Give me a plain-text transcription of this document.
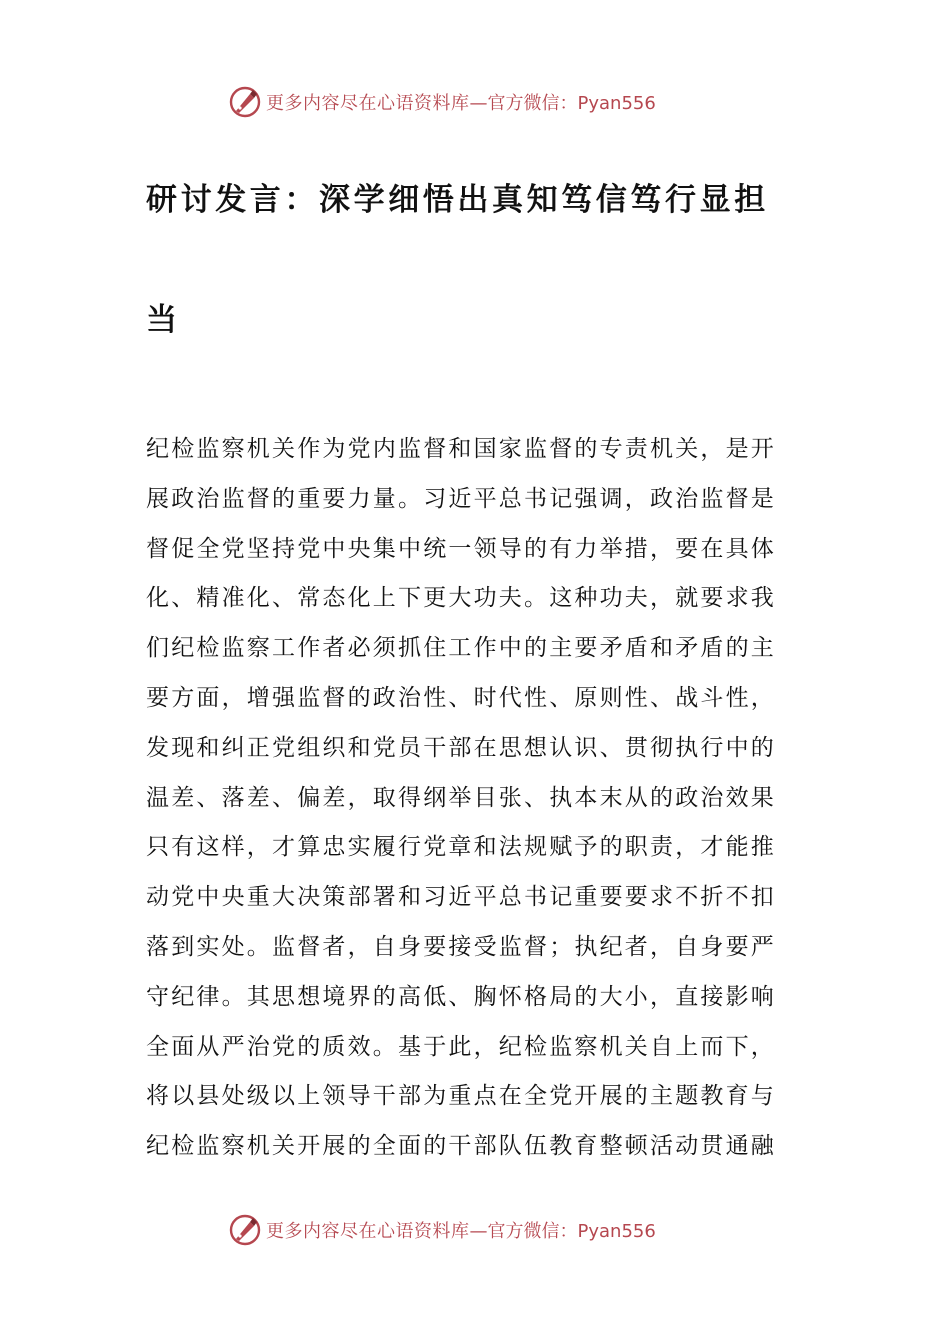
更多内容尽在心语资料库 —官方微信：Pyan556
研讨发言：深学细悟出真知笃信笃行显担
当
纪检监察机关作为党内监督和国家监督的专责机关，是开
展政治监督的重要力量。习近平总书记强调，政治监督是
督促全党坚持党中央集中统一领导的有力举措，要在具体
化、精准化、常态化上下更大功夫。这种功夫，就要求我
们纪检监察工作者必须抓住工作中的主要矛盾和矛盾的主
要方面，增强监督的政治性、时代性、原则性、战斗性，
发现和纠正党组织和党员干部在思想认识、贯彻执行中的
温差、落差、偏差，取得纲举目张、执本末从的政治效果
只有这样，才算忠实履行党章和法规赋予的职责，才能推
动党中央重大决策部署和习近平总书记重要要求不折不扣
落到实处。监督者，自身要接受监督；执纪者，自身要严
守纪律。其思想境界的高低、胸怀格局的大小，直接影响
全面从严治党的质效。基于此，纪检监察机关自上而下，
将以县处级以上领导干部为重点在全党开展的主题教育与
纪检监察机关开展的全面的干部队伍教育整顿活动贯通融
更多内容尽在心语资料库 —官方微信：Pyan556
